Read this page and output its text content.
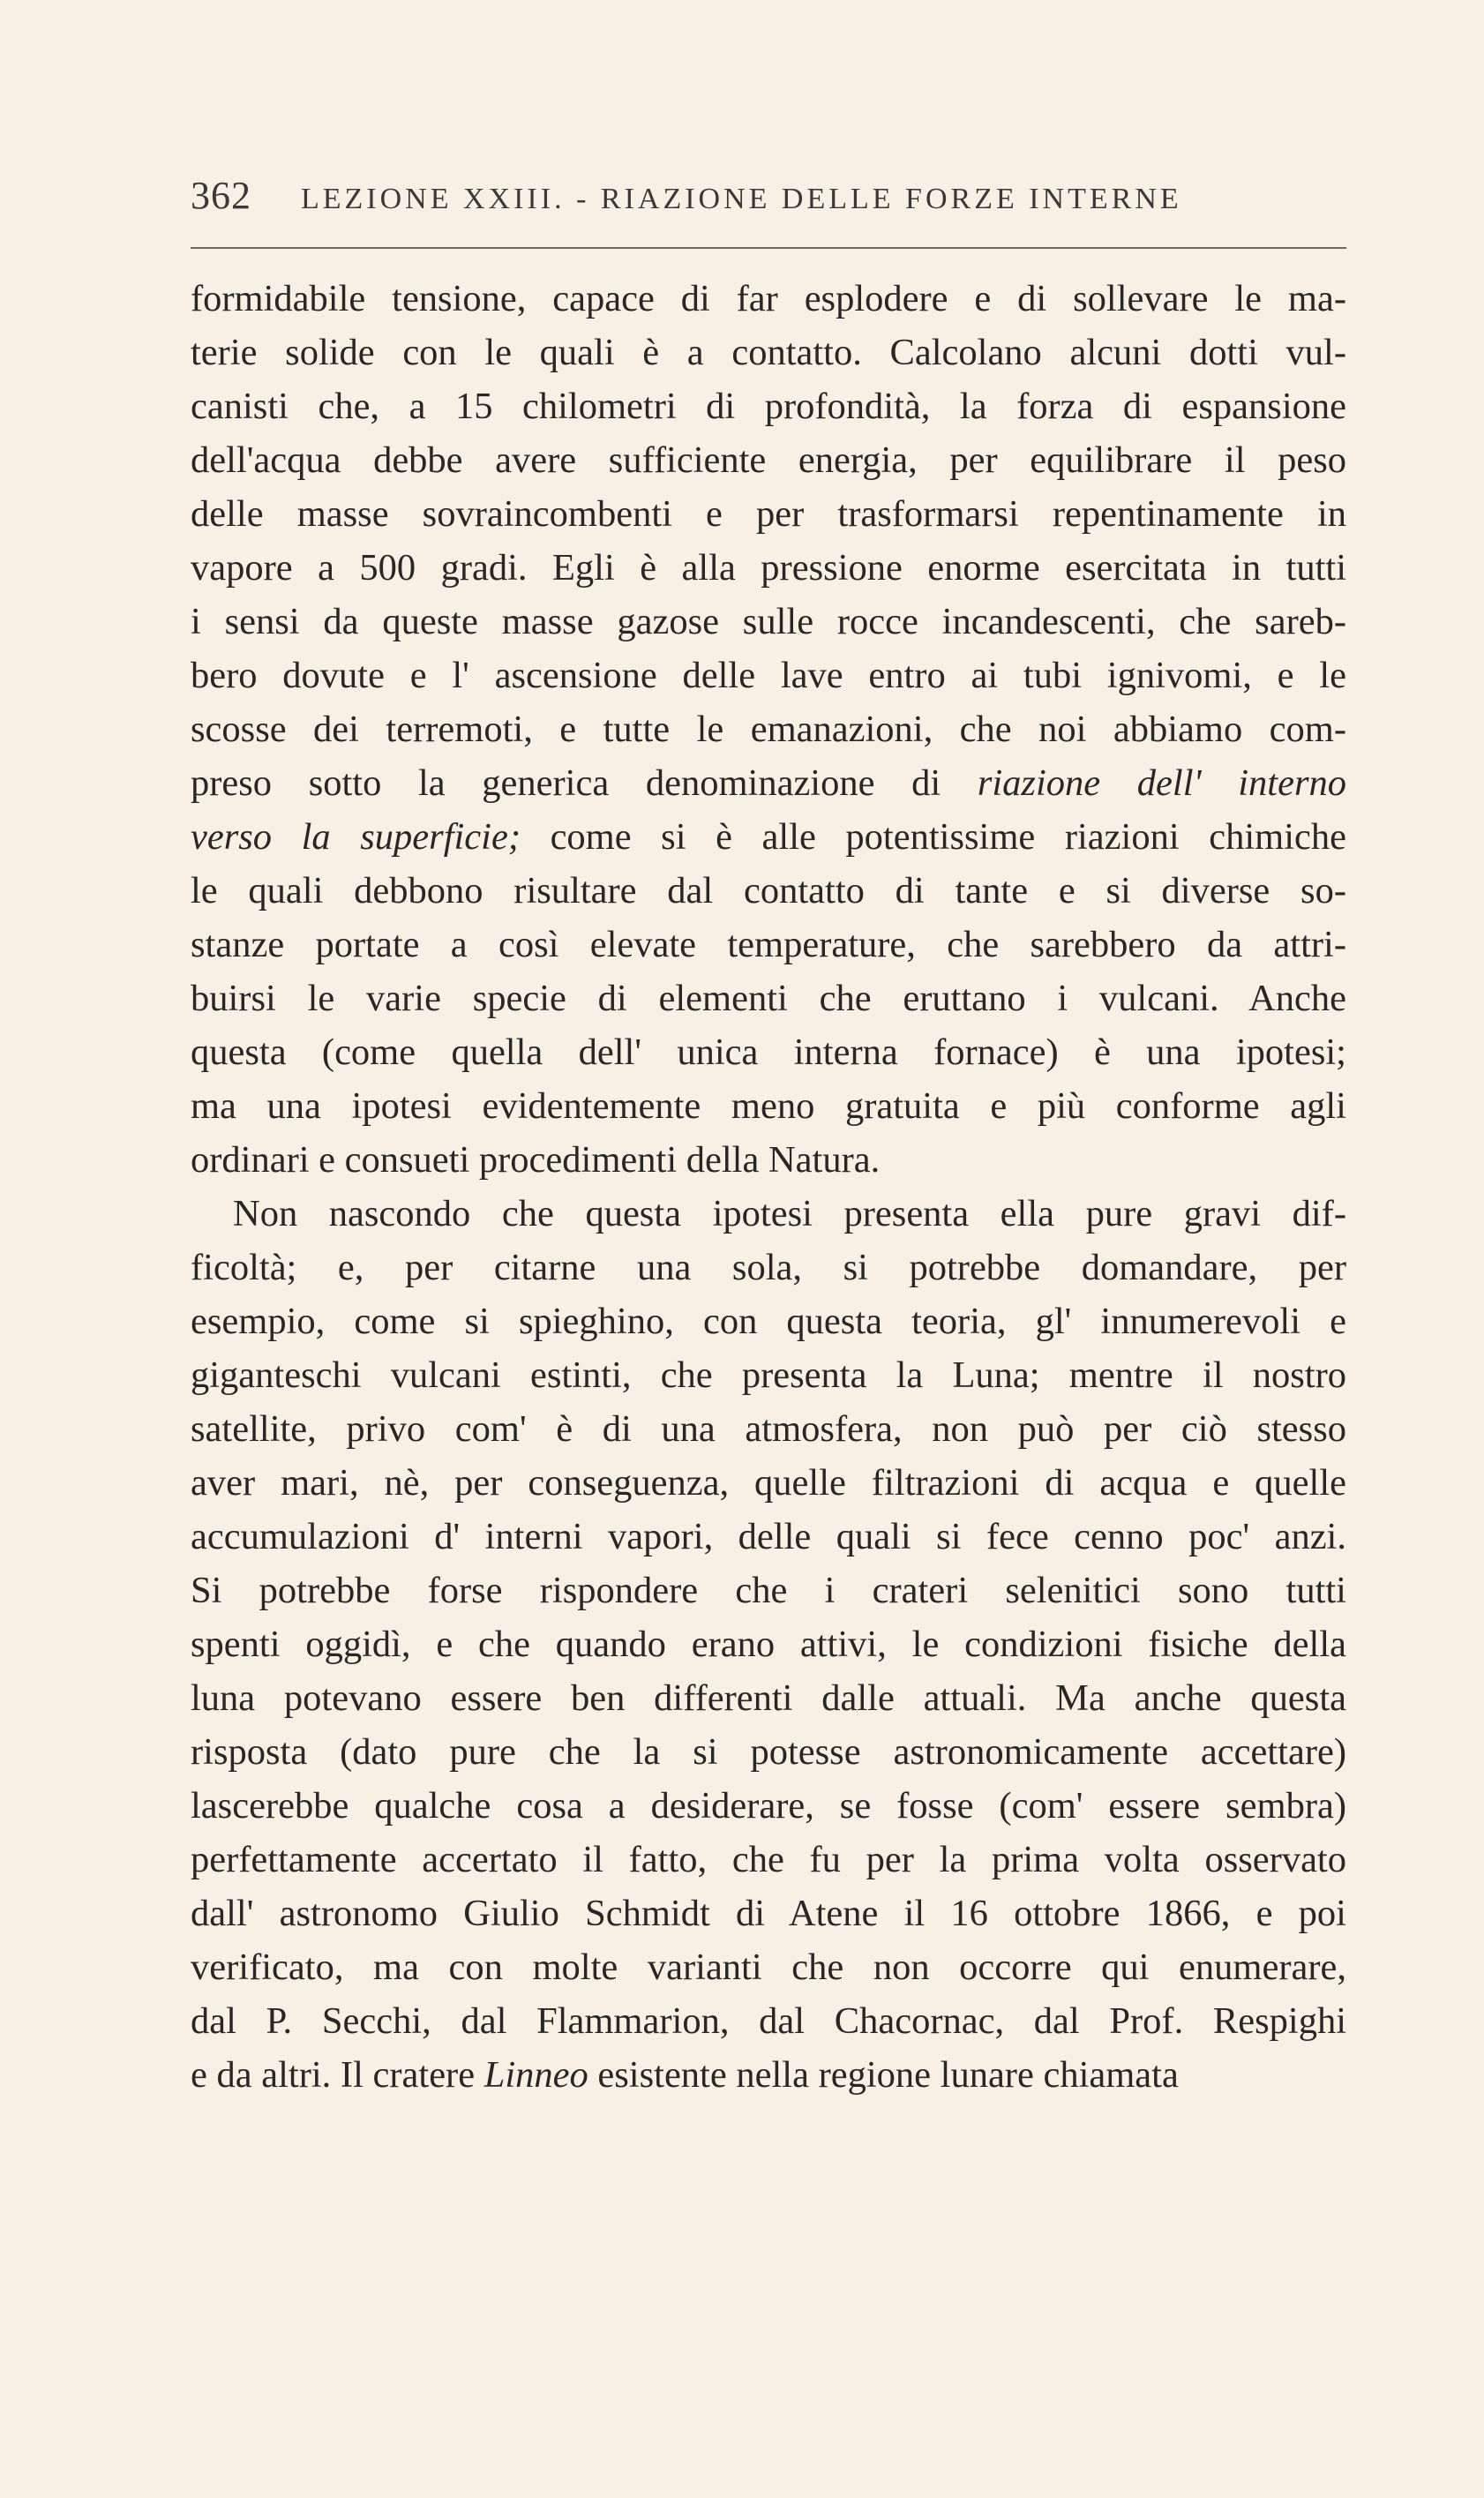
362 LEZIONE XXIII. - RIAZIONE DELLE FORZE INTERNE
formidabile tensione, capace di far esplodere e di sollevare le ma-
terie solide con le quali è a contatto. Calcolano alcuni dotti vul-
canisti che, a 15 chilometri di profondità, la forza di espansione
dell'acqua debbe avere sufficiente energia, per equilibrare il peso
delle masse sovraincombenti e per trasformarsi repentinamente in
vapore a 500 gradi. Egli è alla pressione enorme esercitata in tutti
i sensi da queste masse gazose sulle rocce incandescenti, che sareb-
bero dovute e l' ascensione delle lave entro ai tubi ignivomi, e le
scosse dei terremoti, e tutte le emanazioni, che noi abbiamo com-
preso sotto la generica denominazione di riazione dell' interno
verso la superficie; come si è alle potentissime riazioni chimiche
le quali debbono risultare dal contatto di tante e si diverse so-
stanze portate a così elevate temperature, che sarebbero da attri-
buirsi le varie specie di elementi che eruttano i vulcani. Anche
questa (come quella dell' unica interna fornace) è una ipotesi;
ma una ipotesi evidentemente meno gratuita e più conforme agli
ordinari e consueti procedimenti della Natura.
Non nascondo che questa ipotesi presenta ella pure gravi dif-
ficoltà; e, per citarne una sola, si potrebbe domandare, per
esempio, come si spieghino, con questa teoria, gl' innumerevoli e
giganteschi vulcani estinti, che presenta la Luna; mentre il nostro
satellite, privo com' è di una atmosfera, non può per ciò stesso
aver mari, nè, per conseguenza, quelle filtrazioni di acqua e quelle
accumulazioni d' interni vapori, delle quali si fece cenno poc' anzi.
Si potrebbe forse rispondere che i crateri selenitici sono tutti
spenti oggidì, e che quando erano attivi, le condizioni fisiche della
luna potevano essere ben differenti dalle attuali. Ma anche questa
risposta (dato pure che la si potesse astronomicamente accettare)
lascerebbe qualche cosa a desiderare, se fosse (com' essere sembra)
perfettamente accertato il fatto, che fu per la prima volta osservato
dall' astronomo Giulio Schmidt di Atene il 16 ottobre 1866, e poi
verificato, ma con molte varianti che non occorre qui enumerare,
dal P. Secchi, dal Flammarion, dal Chacornac, dal Prof. Respighi
e da altri. Il cratere Linneo esistente nella regione lunare chiamata
